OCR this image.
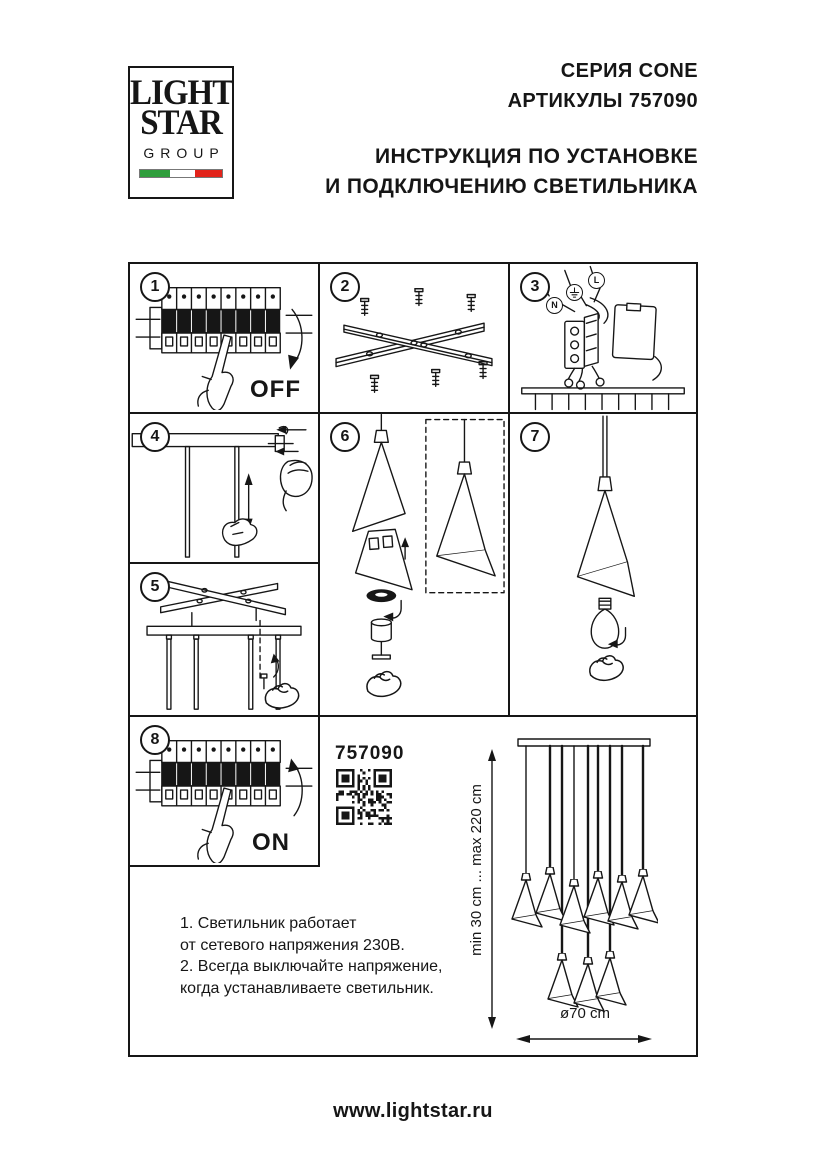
LIGHT
STAR
GROUP
СЕРИЯ CONE
АРТИКУЛЫ 757090
ИНСТРУКЦИЯ ПО УСТАНОВКЕ
И ПОДКЛЮЧЕНИЮ СВЕТИЛЬНИКА
1
OFF
2	3
N
L
4	6	7
5
8
ON
757090
1. Светильник работает
от сетевого напряжения 230В.
2. Всегда выключайте напряжение,
когда устанавливаете светильник.
min 30 cm ... max 220 cm
ø70 cm
www.lightstar.ru
